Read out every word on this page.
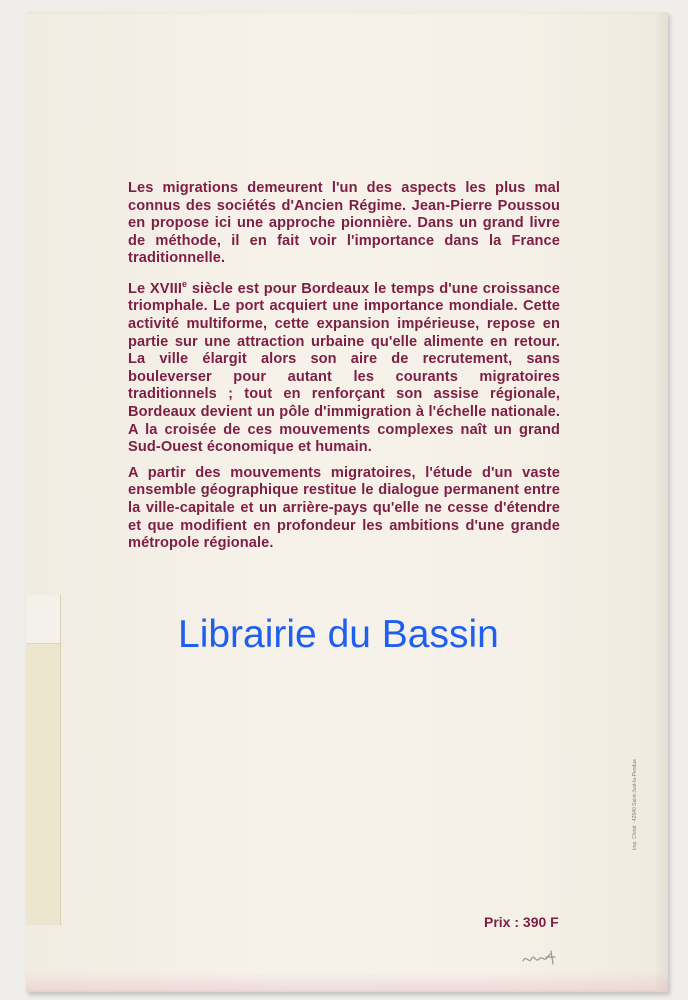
Les migrations demeurent l'un des aspects les plus mal connus des sociétés d'Ancien Régime. Jean-Pierre Poussou en propose ici une approche pionnière. Dans un grand livre de méthode, il en fait voir l'importance dans la France traditionnelle.

Le XVIIIe siècle est pour Bordeaux le temps d'une croissance triomphale. Le port acquiert une importance mondiale. Cette activité multiforme, cette expansion impérieuse, repose en partie sur une attraction urbaine qu'elle alimente en retour. La ville élargit alors son aire de recrutement, sans bouleverser pour autant les courants migratoires traditionnels ; tout en renforçant son assise régionale, Bordeaux devient un pôle d'immigration à l'échelle nationale. A la croisée de ces mouvements complexes naît un grand Sud-Ouest économique et humain.

A partir des mouvements migratoires, l'étude d'un vaste ensemble géographique restitue le dialogue permanent entre la ville-capitale et un arrière-pays qu'elle ne cesse d'étendre et que modifient en profondeur les ambitions d'une grande métropole régionale.

Librairie du Bassin
Prix : 390 F
Imp. Chirat - 42540 Saint-Just-la-Pendue
